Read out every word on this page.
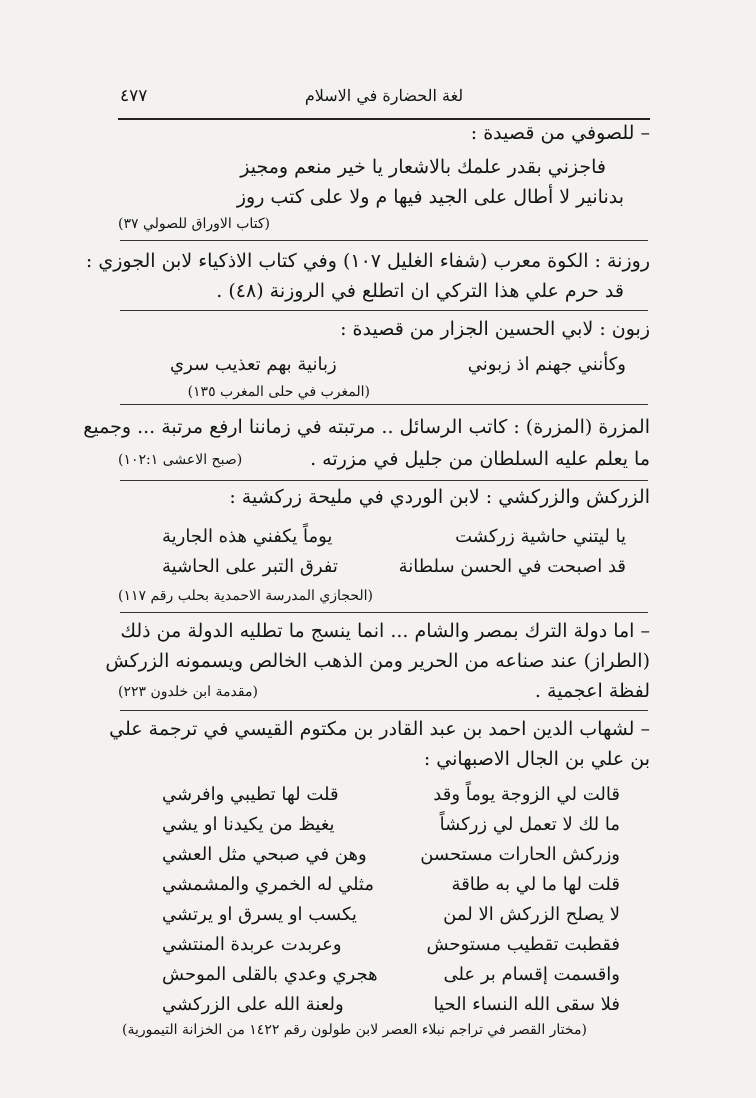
٤٧٧	لغة الحضارة في الاسلام
– للصوفي من قصيدة :
فاجزني بقدر علمك بالاشعار يا خير منعم ومجيز
بدنانير لا أطال على الجيد فيها م ولا على كتب روز
(كتاب الاوراق للصولي ٣٧)
روزنة : الكوة معرب (شفاء الغليل ١٠٧) وفي كتاب الاذكياء لابن الجوزي :
قد حرم علي هذا التركي ان اتطلع في الروزنة (٤٨) .
زبون : لابي الحسين الجزار من قصيدة :
وكأنني جهنم اذ زبوني
زبانية بهم تعذيب سري
(المغرب في حلى المغرب ١٣٥)
المزرة (المزرة) : كاتب الرسائل .. مرتبته في زماننا ارفع مرتبة ... وجميع
ما يعلم عليه السلطان من جليل في مزرته .
(صبح الاعشى ١٠٢:١)
الزركش والزركشي : لابن الوردي في مليحة زركشية :
يا ليتني حاشية زركشت
يوماً يكفني هذه الجارية
قد اصبحت في الحسن سلطانة
تفرق التبر على الحاشية
(الحجازي المدرسة الاحمدية بحلب رقم ١١٧)
– اما دولة الترك بمصر والشام ... انما ينسج ما تطليه الدولة من ذلك
(الطراز) عند صناعه من الحرير ومن الذهب الخالص ويسمونه الزركش
لفظة اعجمية .
(مقدمة ابن خلدون ٢٢٣)
– لشهاب الدين احمد بن عبد القادر بن مكتوم القيسي في ترجمة علي
بن علي بن الجال الاصبهاني :
قالت لي الزوجة يوماً وقد
قلت لها تطيبي وافرشي
ما لك لا تعمل لي زركشاً
يغيظ من يكيدنا او يشي
وزركش الحارات مستحسن
وهن في صبحي مثل العشي
قلت لها ما لي به طاقة
مثلي له الخمري والمشمشي
لا يصلح الزركش الا لمن
يكسب او يسرق او يرتشي
فقطبت تقطيب مستوحش
وعربدت عربدة المنتشي
واقسمت إقسام بر على
هجري وعدي بالقلى الموحش
فلا سقى الله النساء الحيا
ولعنة الله على الزركشي
(مختار القصر في تراجم نبلاء العصر لابن طولون رقم ١٤٢٢ من الخزانة التيمورية)
